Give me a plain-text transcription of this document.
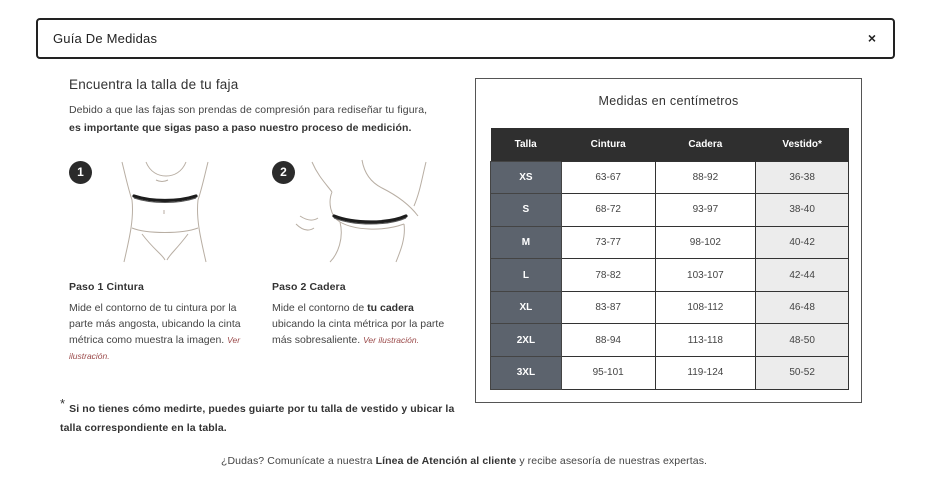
Guía De Medidas	×
Encuentra la talla de tu faja
Debido a que las fajas son prendas de compresión para rediseñar tu figura,
es importante que sigas paso a paso nuestro proceso de medición.
1
Paso 1 Cintura
Mide el contorno de tu cintura por la parte más angosta, ubicando la cinta métrica como muestra la imagen. Ver ilustración.
2
Paso 2 Cadera
Mide el contorno de tu cadera ubicando la cinta métrica por la parte más sobresaliente. Ver ilustración.
* Si no tienes cómo medirte, puedes guiarte por tu talla de vestido y ubicar la talla correspondiente en la tabla.
Medidas en centímetros
Talla	Cintura	Cadera	Vestido*
XS	63-67	88-92	36-38
S	68-72	93-97	38-40
M	73-77	98-102	40-42
L	78-82	103-107	42-44
XL	83-87	108-112	46-48
2XL	88-94	113-118	48-50
3XL	95-101	119-124	50-52
¿Dudas? Comunícate a nuestra Línea de Atención al cliente y recibe asesoría de nuestras expertas.
